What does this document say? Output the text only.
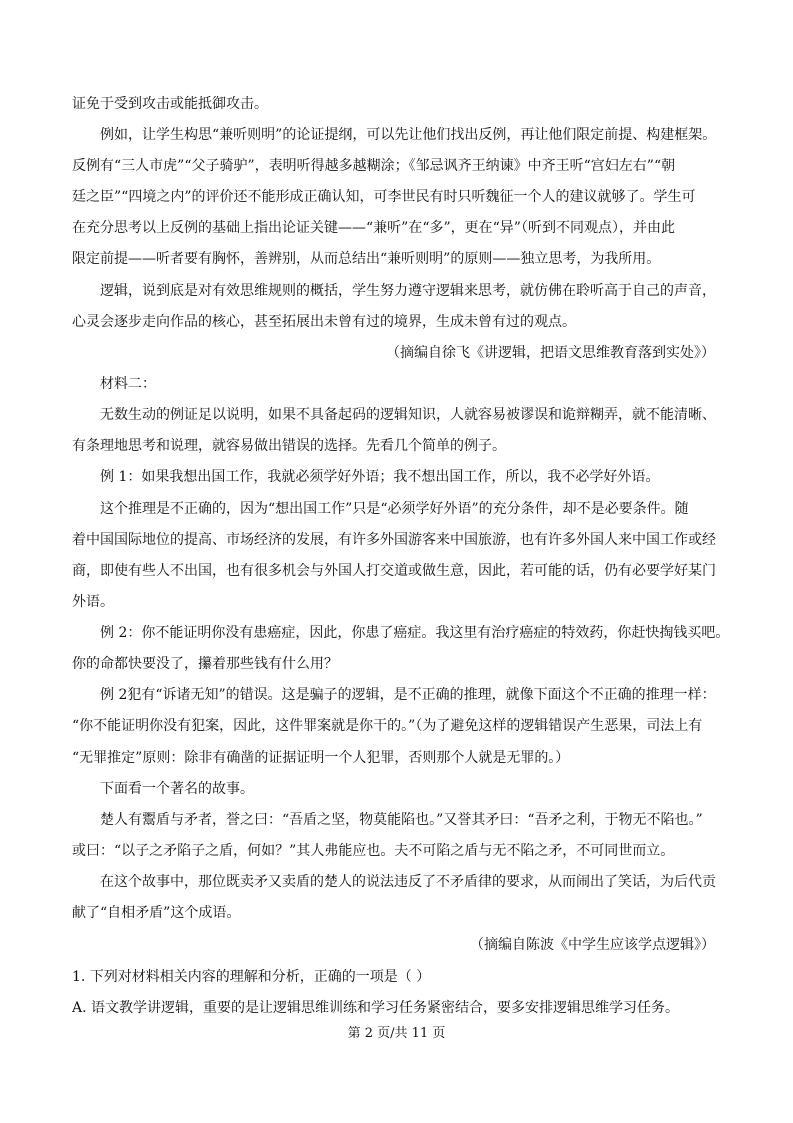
证免于受到攻击或能抵御攻击。
例如，让学生构思“兼听则明”的论证提纲，可以先让他们找出反例，再让他们限定前提、构建框架。
反例有“三人市虎”“父子骑驴”，表明听得越多越糊涂；《邹忌讽齐王纳谏》中齐王听“宫妇左右”“朝
廷之臣”“四境之内”的评价还不能形成正确认知，可李世民有时只听魏征一个人的建议就够了。学生可
在充分思考以上反例的基础上指出论证关键——“兼听”在“多”，更在“异”（听到不同观点），并由此
限定前提——听者要有胸怀，善辨别，从而总结出“兼听则明”的原则——独立思考，为我所用。
逻辑，说到底是对有效思维规则的概括，学生努力遵守逻辑来思考，就仿佛在聆听高于自己的声音，
心灵会逐步走向作品的核心，甚至拓展出未曾有过的境界，生成未曾有过的观点。
（摘编自徐飞《讲逻辑，把语文思维教育落到实处》）
材料二：
无数生动的例证足以说明，如果不具备起码的逻辑知识，人就容易被谬误和诡辩糊弄，就不能清晰、
有条理地思考和说理，就容易做出错误的选择。先看几个简单的例子。
例 1：如果我想出国工作，我就必须学好外语；我不想出国工作，所以，我不必学好外语。
这个推理是不正确的，因为“想出国工作”只是“必须学好外语”的充分条件，却不是必要条件。随
着中国国际地位的提高、市场经济的发展，有许多外国游客来中国旅游，也有许多外国人来中国工作或经
商，即使有些人不出国，也有很多机会与外国人打交道或做生意，因此，若可能的话，仍有必要学好某门
外语。
例 2：你不能证明你没有患癌症，因此，你患了癌症。我这里有治疗癌症的特效药，你赶快掏钱买吧。
你的命都快要没了，攥着那些钱有什么用？
例 2犯有“诉诸无知”的错误。这是骗子的逻辑，是不正确的推理，就像下面这个不正确的推理一样：
“你不能证明你没有犯案，因此，这件罪案就是你干的。”（为了避免这样的逻辑错误产生恶果，司法上有
“无罪推定”原则：除非有确凿的证据证明一个人犯罪，否则那个人就是无罪的。）
下面看一个著名的故事。
楚人有鬻盾与矛者，誉之曰：“吾盾之坚，物莫能陷也。”又誉其矛曰：“吾矛之利，于物无不陷也。”
或曰：“以子之矛陷子之盾，何如？”其人弗能应也。夫不可陷之盾与无不陷之矛，不可同世而立。
在这个故事中，那位既卖矛又卖盾的楚人的说法违反了不矛盾律的要求，从而闹出了笑话，为后代贡
献了“自相矛盾”这个成语。
（摘编自陈波《中学生应该学点逻辑》）
1. 下列对材料相关内容的理解和分析，正确的一项是（ ）
A. 语文教学讲逻辑，重要的是让逻辑思维训练和学习任务紧密结合，要多安排逻辑思维学习任务。
第 2 页/共 11 页
